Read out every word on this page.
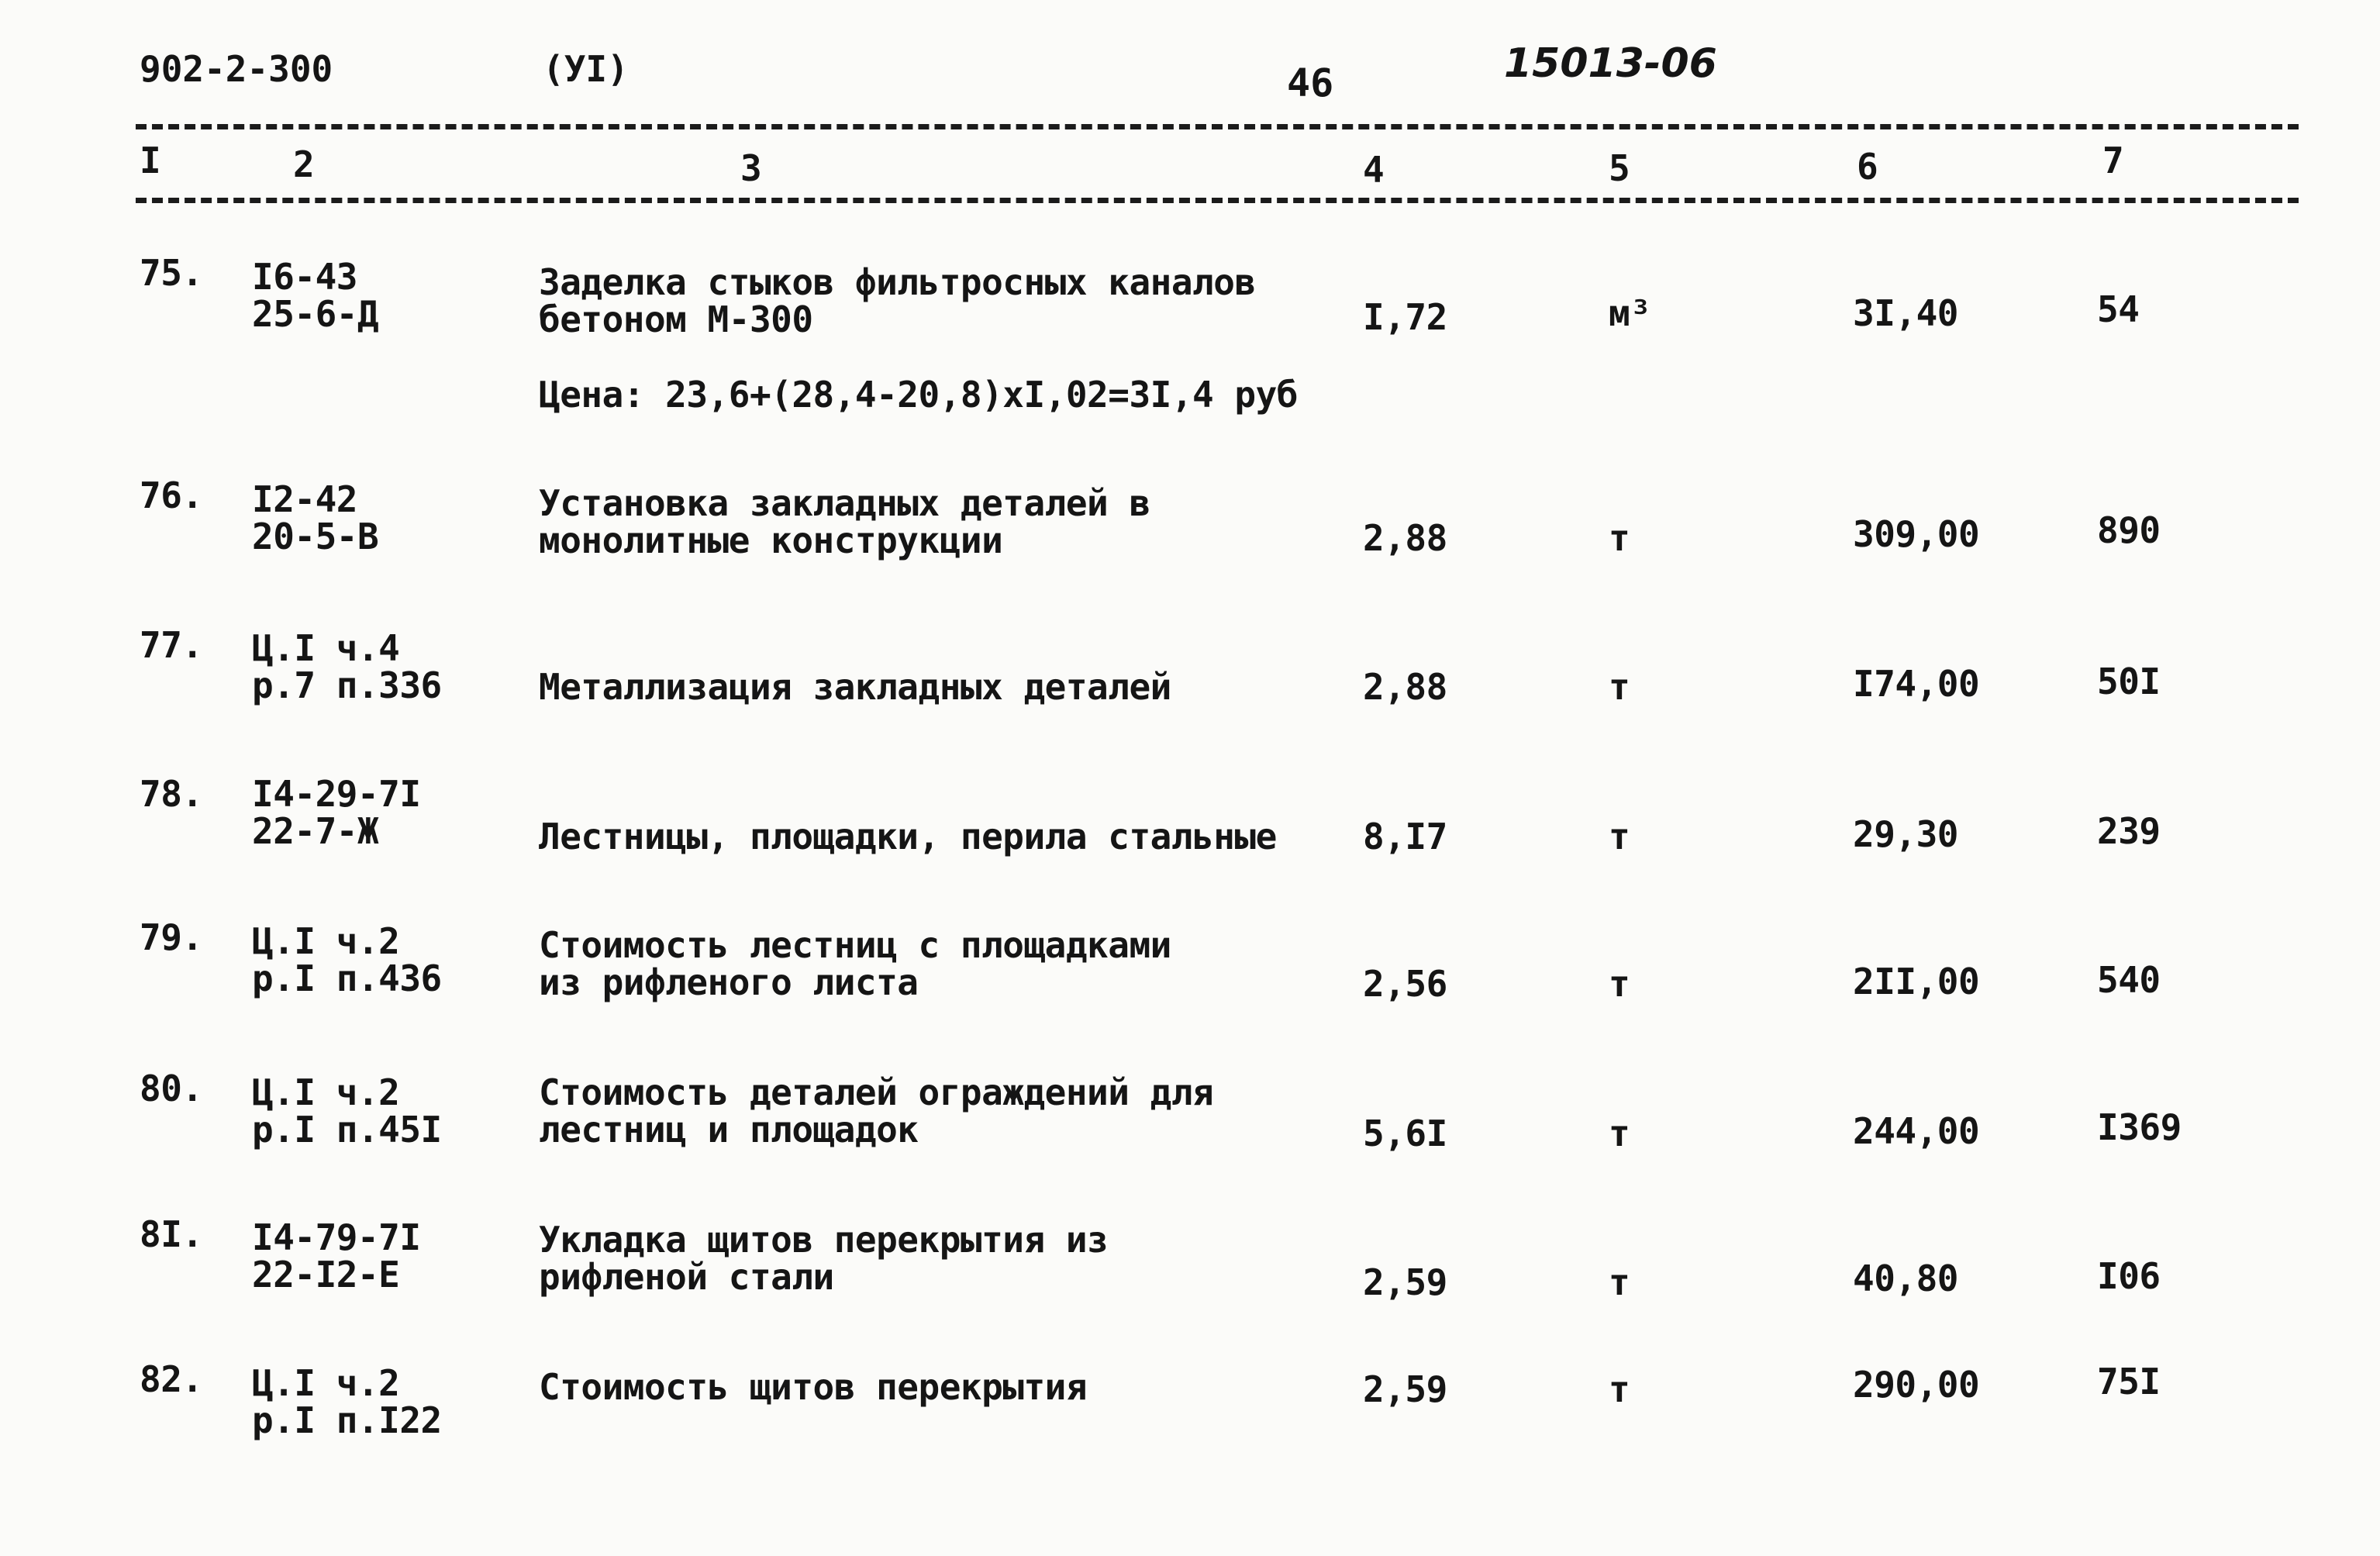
902-2-300	(УI)	46	15013-06
I	2	3	4	5	6	7
75. I6-43
25-6-Д
Заделка стыков фильтросных каналов
бетоном М-300	I,72	м³	3I,40	54
Цена: 23,6+(28,4-20,8)xI,02=3I,4 руб
76. I2-42
20-5-В
Установка закладных деталей в
монолитные конструкции	2,88	т	309,00	890
77. Ц.I ч.4
р.7 п.336	Металлизация закладных деталей	2,88	т	I74,00	50I
78. I4-29-7I
22-7-Ж	Лестницы, площадки, перила стальные 8,I7	т	29,30	239
79. Ц.I ч.2
р.I п.436
Стоимость лестниц с площадками
из рифленого листа	2,56	т	2II,00	540
80. Ц.I ч.2
р.I п.45I
Стоимость деталей ограждений для
лестниц и площадок	5,6I	т	244,00	I369
8I. I4-79-7I
22-I2-Е
Укладка щитов перекрытия из
рифленой стали	2,59	т	40,80	I06
82. Ц.I ч.2
р.I п.I22
Стоимость щитов перекрытия	2,59	т	290,00	75I
